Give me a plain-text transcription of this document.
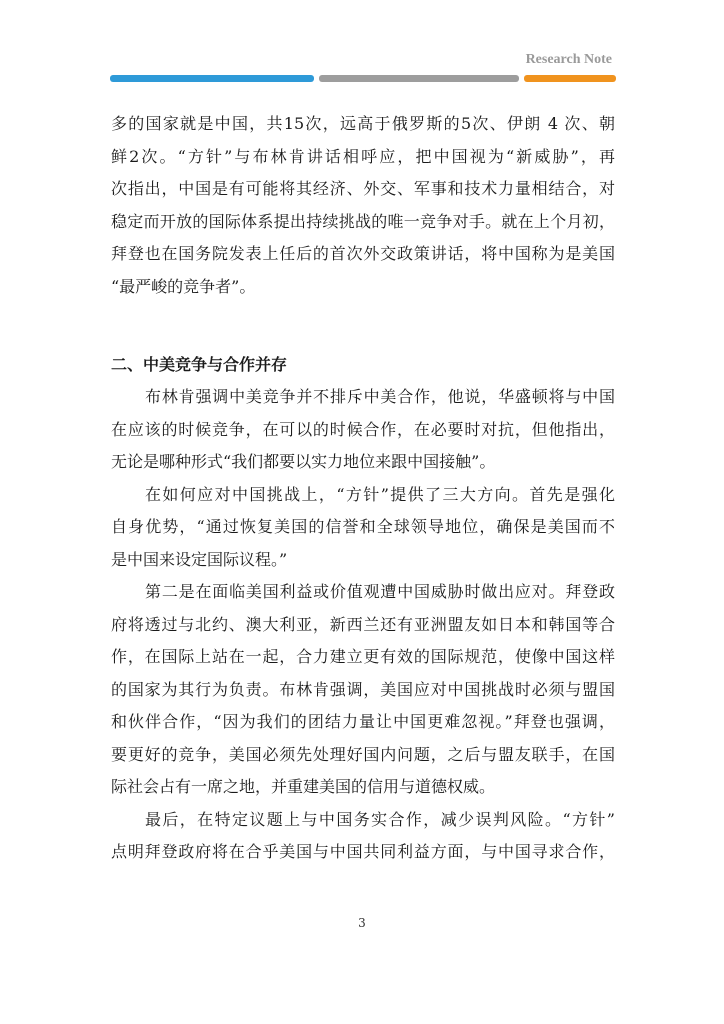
Research Note
多的国家就是中国，共15次，远高于俄罗斯的5次、伊朗 4 次、朝
鲜2次。“方针”与布林肯讲话相呼应，把中国视为“新威胁”，再
次指出，中国是有可能将其经济、外交、军事和技术力量相结合，对
稳定而开放的国际体系提出持续挑战的唯一竞争对手。就在上个月初，
拜登也在国务院发表上任后的首次外交政策讲话，将中国称为是美国
“最严峻的竞争者”。
二、中美竞争与合作并存
布林肯强调中美竞争并不排斥中美合作，他说，华盛顿将与中国
在应该的时候竞争，在可以的时候合作，在必要时对抗，但他指出，
无论是哪种形式“我们都要以实力地位来跟中国接触”。
在如何应对中国挑战上，“方针”提供了三大方向。首先是强化
自身优势，“通过恢复美国的信誉和全球领导地位，确保是美国而不
是中国来设定国际议程。”
第二是在面临美国利益或价值观遭中国威胁时做出应对。拜登政
府将透过与北约、澳大利亚，新西兰还有亚洲盟友如日本和韩国等合
作，在国际上站在一起，合力建立更有效的国际规范，使像中国这样
的国家为其行为负责。布林肯强调，美国应对中国挑战时必须与盟国
和伙伴合作，“因为我们的团结力量让中国更难忽视。”拜登也强调，
要更好的竞争，美国必须先处理好国内问题，之后与盟友联手，在国
际社会占有一席之地，并重建美国的信用与道德权威。
最后，在特定议题上与中国务实合作，减少误判风险。“方针”
点明拜登政府将在合乎美国与中国共同利益方面，与中国寻求合作，
3
